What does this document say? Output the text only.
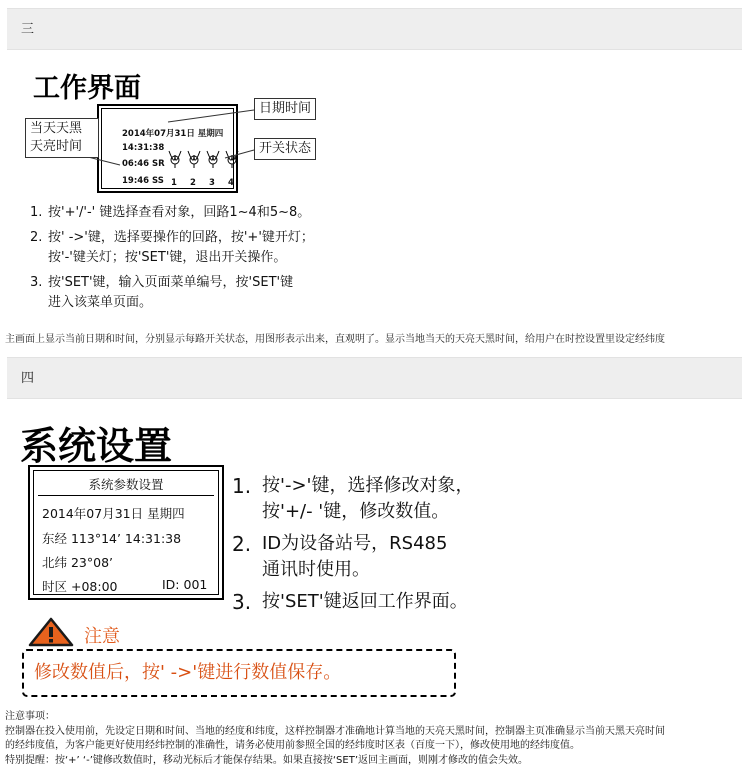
三
工作界面
2014年07月31日 星期四
14:31:38
06:46 SR
19:46 SS 1 2 3 4
当天天黑
天亮时间
日期时间
开关状态
1. 按'+'/'-' 键选择查看对象，回路1~4和5~8。
2. 按' ->'键，选择要操作的回路，按'+'键开灯；
按'-'键关灯；按'SET'键，退出开关操作。
3. 按'SET'键，输入页面菜单编号，按'SET'键
进入该菜单页面。
主画面上显示当前日期和时间，分别显示每路开关状态，用图形表示出来，直观明了。显示当地当天的天亮天黑时间，给用户在时控设置里设定经纬度
四
系统设置
系统参数设置
2014年07月31日 星期四
东经 113°14’ 14:31:38
北纬 23°08’
时区 +08:00	ID: 001
1. 按'->'键，选择修改对象，
按'+/- '键，修改数值。
2. ID为设备站号，RS485
通讯时使用。
3. 按'SET'键返回工作界面。
注意
修改数值后，按' ->'键进行数值保存。
注意事项：
控制器在投入使用前，先设定日期和时间、当地的经度和纬度，这样控制器才准确地计算当地的天亮天黑时间，控制器主页准确显示当前天黑天亮时间
的经纬度值，为客户能更好使用经纬控制的准确性，请务必使用前参照全国的经纬度时区表（百度一下），修改使用地的经纬度值。
特别提醒：按‘+’ ‘-’键修改数值时，移动光标后才能保存结果。如果直接按‘SET’返回主画面，则刚才修改的值会失效。
